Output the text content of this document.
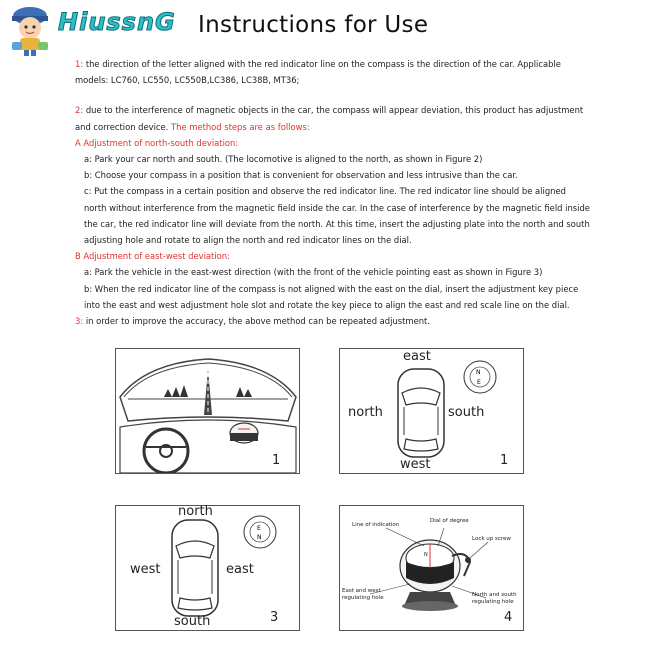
HiussnG Instructions for Use

1: the direction of the letter aligned with the red indicator line on the compass is the direction of the car. Applicable models: LC760, LC550, LC550B,LC386, LC38B, MT36;

2: due to the interference of magnetic objects in the car, the compass will appear deviation, this product has adjustment and correction device. The method steps are as follows:

A Adjustment of north-south deviation:

a: Park your car north and south. (The locomotive is aligned to the north, as shown in Figure 2)

b: Choose your compass in a position that is convenient for observation and less intrusive than the car.

c: Put the compass in a certain position and observe the red indicator line. The red indicator line should be aligned north without interference from the magnetic field inside the car. In the case of interference by the magnetic field inside the car, the red indicator line will deviate from the north. At this time, insert the adjusting plate into the north and south adjusting hole and rotate to align the north and red indicator lines on the dial.

B Adjustment of east-west deviation:

a: Park the vehicle in the east-west direction (with the front of the vehicle pointing east as shown in Figure 3)

b: When the red indicator line of the compass is not aligned with the east on the dial, insert the adjustment key piece into the east and west adjustment hole slot and rotate the key piece to align the east and red scale line on the dial.

3: in order to improve the accuracy, the above method can be repeated adjustment.

1
N
E
east
north	south
west	1
E
N
north
west	east
south	3
N
Line of indication
Dial of degree
Lock up screw
East and west
regulating hole	North and south
regulating hole
4
